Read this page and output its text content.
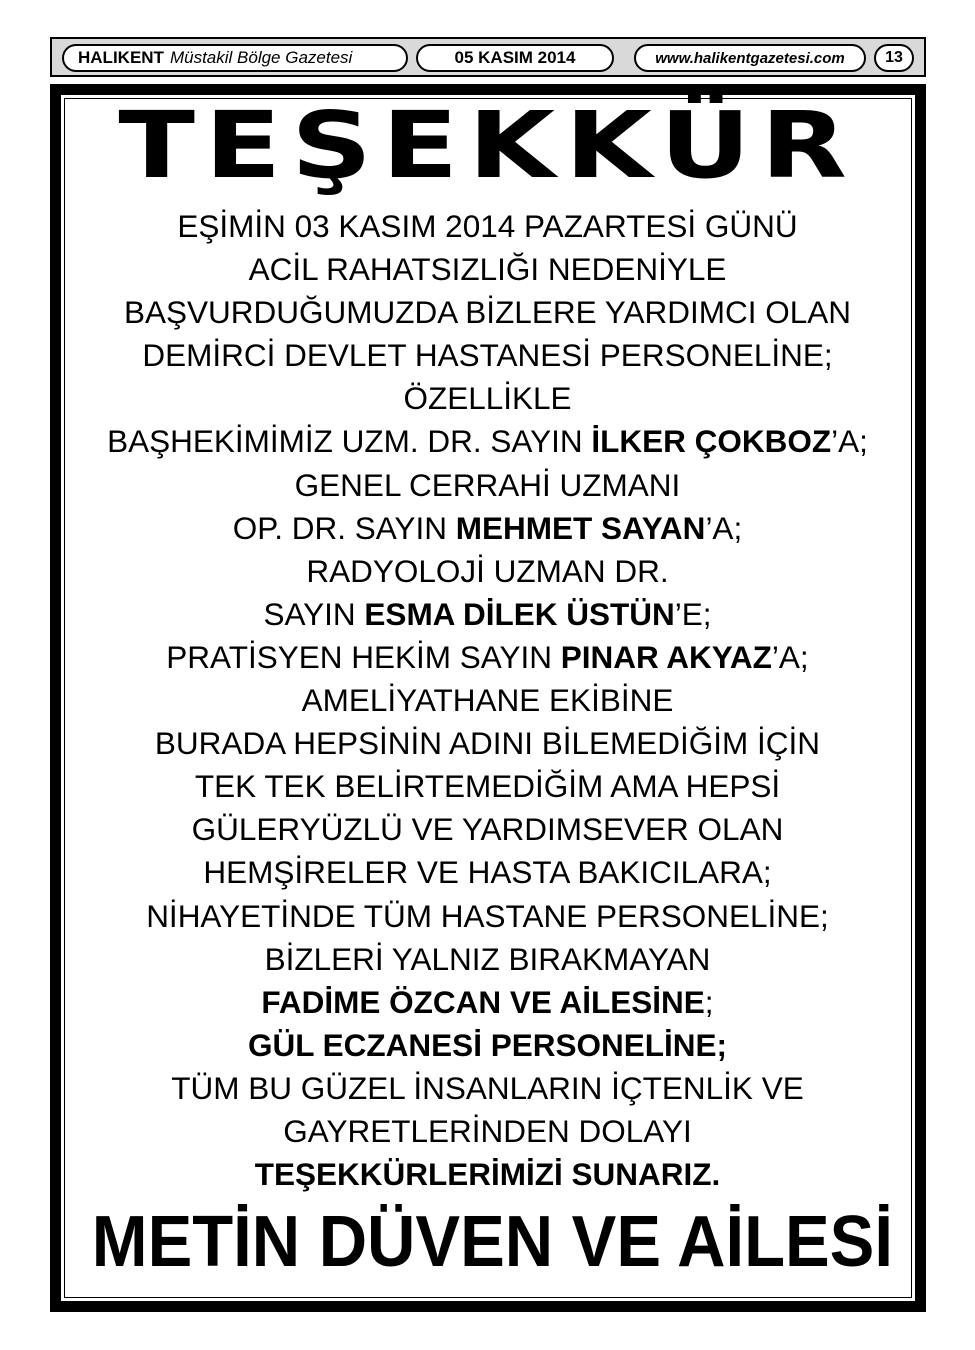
HALIKENT Müstakil Bölge Gazetesi	05 KASIM 2014	www.halikentgazetesi.com	13
TEŞEKKÜR
EŞİMİN 03 KASIM 2014 PAZARTESİ GÜNÜ
ACİL RAHATSIZLIĞI NEDENİYLE
BAŞVURDUĞUMUZDA BİZLERE YARDIMCI OLAN
DEMİRCİ DEVLET HASTANESİ PERSONELİNE;
ÖZELLİKLE
BAŞHEKİMİMİZ UZM. DR. SAYIN İLKER ÇOKBOZ’A;
GENEL CERRAHİ UZMANI
OP. DR. SAYIN MEHMET SAYAN’A;
RADYOLOJİ UZMAN DR.
SAYIN ESMA DİLEK ÜSTÜN’E;
PRATİSYEN HEKİM SAYIN PINAR AKYAZ’A;
AMELİYATHANE EKİBİNE
BURADA HEPSİNİN ADINI BİLEMEDİĞİM İÇİN
TEK TEK BELİRTEMEDİĞİM AMA HEPSİ
GÜLERYÜZLÜ VE YARDIMSEVER OLAN
HEMŞİRELER VE HASTA BAKICILARA;
NİHAYETİNDE TÜM HASTANE PERSONELİNE;
BİZLERİ YALNIZ BIRAKMAYAN
FADİME ÖZCAN VE AİLESİNE;
GÜL ECZANESİ PERSONELİNE;
TÜM BU GÜZEL İNSANLARIN İÇTENLİK VE
GAYRETLERİNDEN DOLAYI
TEŞEKKÜRLERİMİZİ SUNARIZ.
METİN DÜVEN VE AİLESİ
